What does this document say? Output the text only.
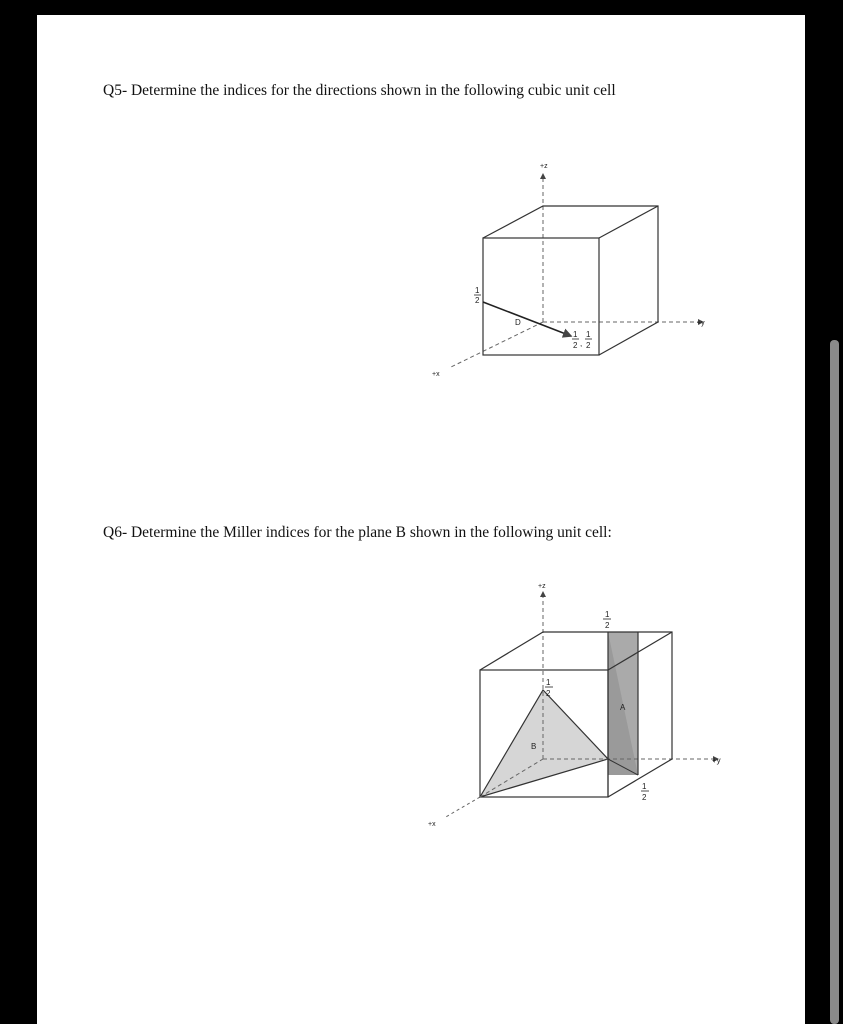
Q5- Determine the indices for the directions shown in the following cubic unit cell
Q6- Determine the Miller indices for the plane B shown in the following unit cell:
+z
+y
+x
D
1
2
1
2 ,
1
2
+z
+y
+x
A
B
1
2
1
2
1
2
